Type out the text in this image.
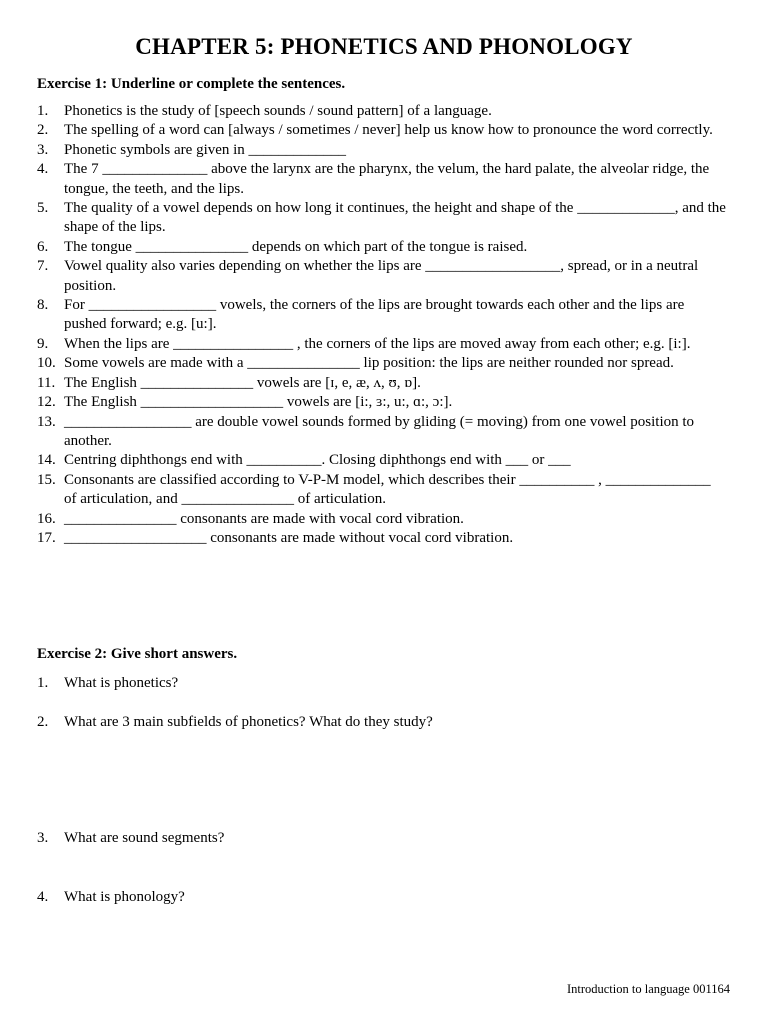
CHAPTER 5: PHONETICS AND PHONOLOGY
Exercise 1: Underline or complete the sentences.
1. Phonetics is the study of [speech sounds / sound pattern] of a language.
2. The spelling of a word can [always / sometimes / never] help us know how to pronounce the word correctly.
3. Phonetic symbols are given in _____________
4. The 7 ______________ above the larynx are the pharynx, the velum, the hard palate, the alveolar ridge, the tongue, the teeth, and the lips.
5. The quality of a vowel depends on how long it continues, the height and shape of the _____________, and the shape of the lips.
6. The tongue _______________ depends on which part of the tongue is raised.
7. Vowel quality also varies depending on whether the lips are __________________, spread, or in a neutral position.
8. For _________________ vowels, the corners of the lips are brought towards each other and the lips are pushed forward; e.g. [u:].
9. When the lips are ________________ , the corners of the lips are moved away from each other; e.g. [i:].
10. Some vowels are made with a _______________ lip position: the lips are neither rounded nor spread.
11. The English _______________ vowels are [ɪ, e, æ, ʌ, ʊ, ɒ].
12. The English ___________________ vowels are [i:, ɜ:, u:, ɑ:, ɔ:].
13. _________________ are double vowel sounds formed by gliding (= moving) from one vowel position to another.
14. Centring diphthongs end with __________. Closing diphthongs end with ___ or ___
15. Consonants are classified according to V-P-M model, which describes their __________ , ______________ of articulation, and _______________ of articulation.
16. _______________ consonants are made with vocal cord vibration.
17. ___________________ consonants are made without vocal cord vibration.
Exercise 2: Give short answers.
1. What is phonetics?
2. What are 3 main subfields of phonetics? What do they study?
3. What are sound segments?
4. What is phonology?
Introduction to language 001164
